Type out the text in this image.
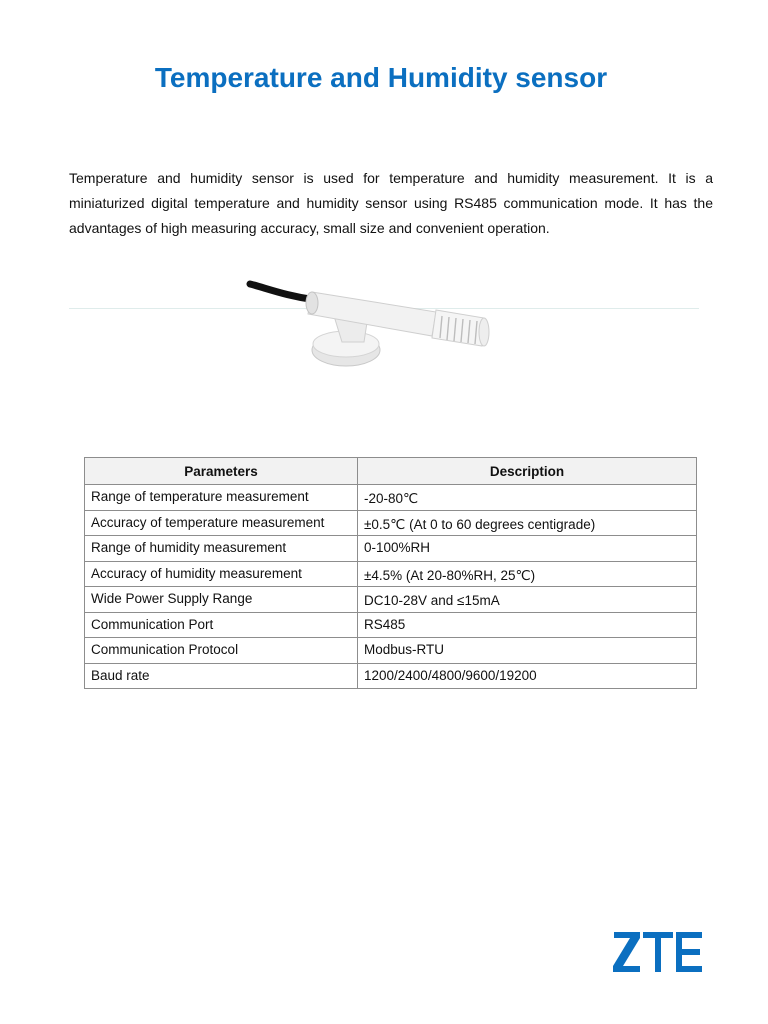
Temperature and Humidity sensor

Temperature and humidity sensor is used for temperature and humidity measurement. It is a miniaturized digital temperature and humidity sensor using RS485 communication mode. It has the advantages of high measuring accuracy, small size and convenient operation.

Parameters	Description
Range of temperature measurement	-20-80℃
Accuracy of temperature measurement	±0.5℃ (At 0 to 60 degrees centigrade)
Range of humidity measurement	0-100%RH
Accuracy of humidity measurement	±4.5% (At 20-80%RH, 25℃)
Wide Power Supply Range	DC10-28V and ≤15mA
Communication Port	RS485
Communication Protocol	Modbus-RTU
Baud rate	1200/2400/4800/9600/19200
